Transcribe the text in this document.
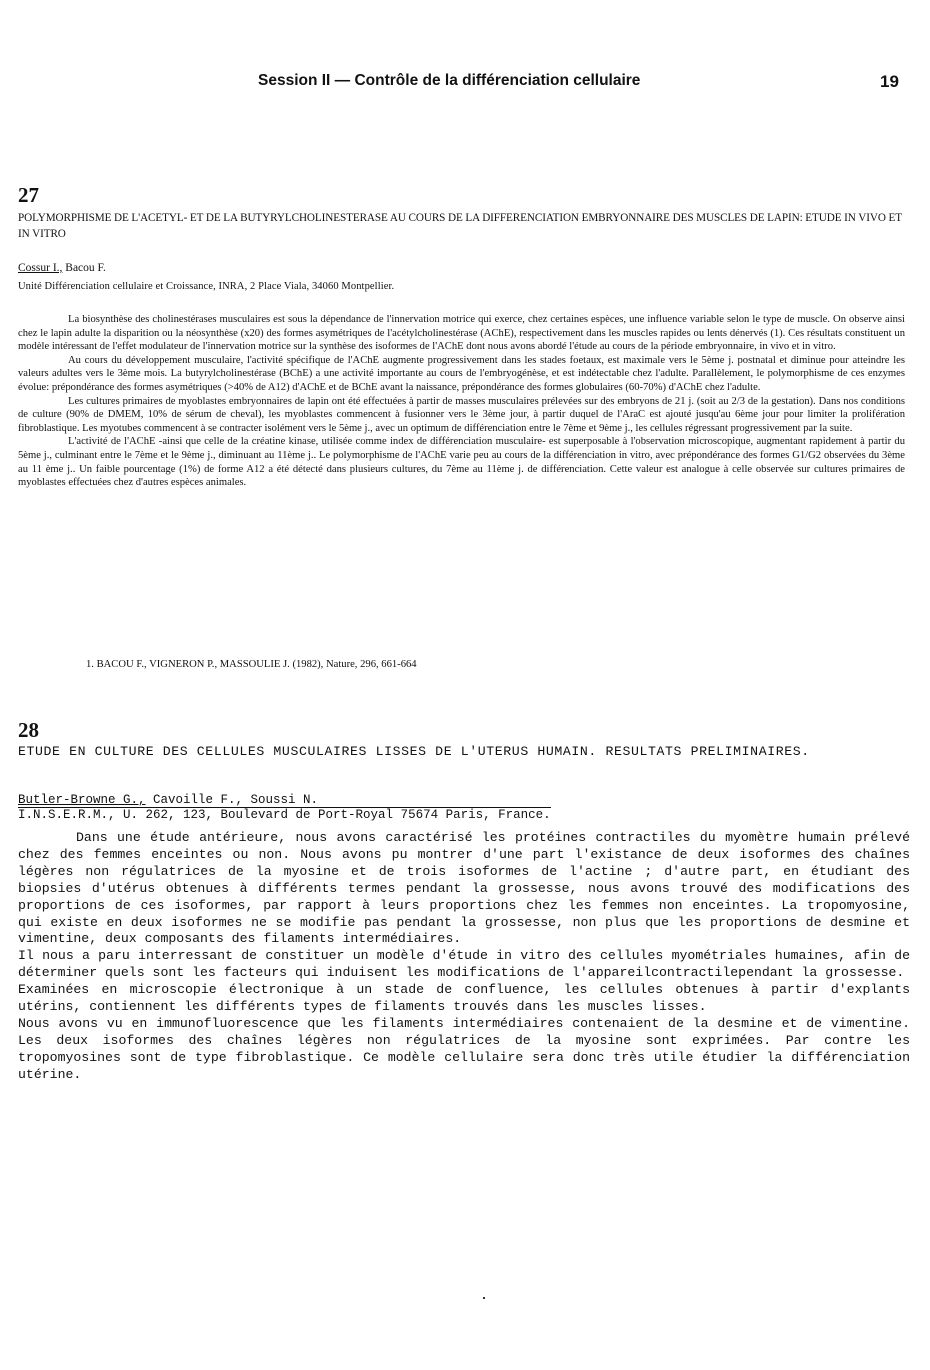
Session II — Contrôle de la différenciation cellulaire	19
27
POLYMORPHISME DE L'ACETYL- ET DE LA BUTYRYLCHOLINESTERASE AU COURS DE LA DIFFERENCIATION EMBRYONNAIRE DES MUSCLES DE LAPIN: ETUDE IN VIVO ET IN VITRO
Cossur I., Bacou F.
Unité Différenciation cellulaire et Croissance, INRA, 2 Place Viala, 34060 Montpellier.

La biosynthèse des cholinestérases musculaires est sous la dépendance de l'innervation motrice qui exerce, chez certaines espèces, une influence variable selon le type de muscle. On observe ainsi chez le lapin adulte la disparition ou la néosynthèse (x20) des formes asymétriques de l'acétylcholinestérase (AChE), respectivement dans les muscles rapides ou lents dénervés (1). Ces résultats constituent un modèle intéressant de l'effet modulateur de l'innervation motrice sur la synthèse des isoformes de l'AChE dont nous avons abordé l'étude au cours de la période embryonnaire, in vivo et in vitro.

Au cours du développement musculaire, l'activité spécifique de l'AChE augmente progressivement dans les stades foetaux, est maximale vers le 5ème j. postnatal et diminue pour atteindre les valeurs adultes vers le 3ème mois. La butyrylcholinestérase (BChE) a une activité importante au cours de l'embryogénèse, et est indétectable chez l'adulte. Parallèlement, le polymorphisme de ces enzymes évolue: prépondérance des formes asymétriques (>40% de A12) d'AChE et de BChE avant la naissance, prépondérance des formes globulaires (60-70%) d'AChE chez l'adulte.

Les cultures primaires de myoblastes embryonnaires de lapin ont été effectuées à partir de masses musculaires prélevées sur des embryons de 21 j. (soit au 2/3 de la gestation). Dans nos conditions de culture (90% de DMEM, 10% de sérum de cheval), les myoblastes commencent à fusionner vers le 3ème jour, à partir duquel de l'AraC est ajouté jusqu'au 6ème jour pour limiter la prolifération fibroblastique. Les myotubes commencent à se contracter isolément vers le 5ème j., avec un optimum de différenciation entre le 7ème et 9ème j., les cellules régressant progressivement par la suite.

L'activité de l'AChE -ainsi que celle de la créatine kinase, utilisée comme index de différenciation musculaire- est superposable à l'observation microscopique, augmentant rapidement à partir du 5ème j., culminant entre le 7ème et le 9ème j., diminuant au 11ème j.. Le polymorphisme de l'AChE varie peu au cours de la différenciation in vitro, avec prépondérance des formes G1/G2 observées du 3ème au 11 ème j.. Un faible pourcentage (1%) de forme A12 a été détecté dans plusieurs cultures, du 7ème au 11ème j. de différenciation. Cette valeur est analogue à celle observée sur cultures primaires de myoblastes effectuées chez d'autres espèces animales.

1. BACOU F., VIGNERON P., MASSOULIE J. (1982), Nature, 296, 661-664
28
ETUDE EN CULTURE DES CELLULES MUSCULAIRES LISSES DE L'UTERUS HUMAIN. RESULTATS PRELIMINAIRES.
Butler-Browne G., Cavoille F., Soussi N.
I.N.S.E.R.M., U. 262, 123, Boulevard de Port-Royal 75674 Paris, France.

Dans une étude antérieure, nous avons caractérisé les protéines contractiles du myomètre humain prélevé chez des femmes enceintes ou non. Nous avons pu montrer d'une part l'existance de deux isoformes des chaînes légères non régulatrices de la myosine et de trois isoformes de l'actine ; d'autre part, en étudiant des biopsies d'utérus obtenues à différents termes pendant la grossesse, nous avons trouvé des modifications des proportions de ces isoformes, par rapport à leurs proportions chez les femmes non enceintes. La tropomyosine, qui existe en deux isoformes ne se modifie pas pendant la grossesse, non plus que les proportions de desmine et vimentine, deux composants des filaments intermédiaires.

Il nous a paru interressant de constituer un modèle d'étude in vitro des cellules myométriales humaines, afin de déterminer quels sont les facteurs qui induisent les modifications de l'appareilcontractilependant la grossesse.

Examinées en microscopie électronique à un stade de confluence, les cellules obtenues à partir d'explants utérins, contiennent les différents types de filaments trouvés dans les muscles lisses.

Nous avons vu en immunofluorescence que les filaments intermédiaires contenaient de la desmine et de vimentine. Les deux isoformes des chaînes légères non régulatrices de la myosine sont exprimées. Par contre les tropomyosines sont de type fibroblastique. Ce modèle cellulaire sera donc très utile étudier la différenciation utérine.
